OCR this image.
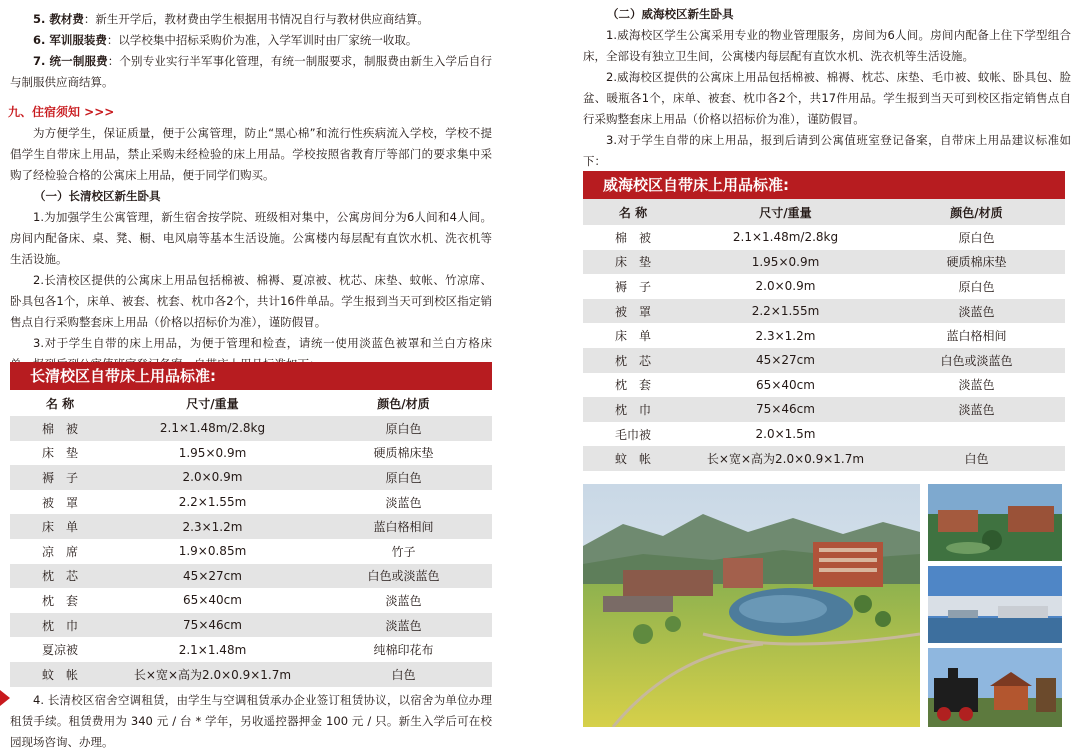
5. 教材费：新生开学后，教材费由学生根据用书情况自行与教材供应商结算。

6. 军训服装费：以学校集中招标采购价为准，入学军训时由厂家统一收取。

7. 统一制服费：个别专业实行半军事化管理，有统一制服要求，制服费由新生入学后自行与制服供应商结算。

九、住宿须知 >>>

为方便学生，保证质量，便于公寓管理，防止“黑心棉”和流行性疾病流入学校，学校不提倡学生自带床上用品，禁止采购未经检验的床上用品。学校按照省教育厅等部门的要求集中采购了经检验合格的公寓床上用品，便于同学们购买。

（一）长清校区新生卧具

1.为加强学生公寓管理，新生宿舍按学院、班级相对集中，公寓房间分为6人间和4人间。房间内配备床、桌、凳、橱、电风扇等基本生活设施。公寓楼内每层配有直饮水机、洗衣机等生活设施。

2.长清校区提供的公寓床上用品包括棉被、棉褥、夏凉被、枕芯、床垫、蚊帐、竹凉席、卧具包各1个，床单、被套、枕套、枕巾各2个，共计16件单品。学生报到当天可到校区指定销售点自行采购整套床上用品（价格以招标价为准），谨防假冒。

3.对于学生自带的床上用品，为便于管理和检查，请统一使用淡蓝色被罩和兰白方格床

长清校区自带床上用品标准:
名 称	尺寸/重量	颜色/材质
棉　被	2.1×1.48m/2.8kg	原白色
床　垫	1.95×0.9m	硬质棉床垫
褥　子	2.0×0.9m	原白色
被　罩	2.2×1.55m	淡蓝色
床　单	2.3×1.2m	蓝白格相间
凉　席	1.9×0.85m	竹子
枕　芯	45×27cm	白色或淡蓝色
枕　套	65×40cm	淡蓝色
枕　巾	75×46cm	淡蓝色
夏凉被	2.1×1.48m	纯棉印花布
蚊　帐	长×宽×高为2.0×0.9×1.7m	白色

4. 长清校区宿舍空调租赁，由学生与空调租赁承办企业签订租赁协议，以宿舍为单位办理租赁手续。租赁费用为 340 元 / 台 * 学年，另收遥控器押金 100 元 / 只。新生入学后可在校园现场咨询、办理。

（二）威海校区新生卧具

1.威海校区学生公寓采用专业的物业管理服务，房间为6人间。房间内配备上住下学型组合床，全部设有独立卫生间，公寓楼内每层配有直饮水机、洗衣机等生活设施。

2.威海校区提供的公寓床上用品包括棉被、棉褥、枕芯、床垫、毛巾被、蚊帐、卧具包、脸盆、暖瓶各1个，床单、被套、枕巾各2个，共17件用品。学生报到当天可到校区指定销售点自行采购整套床上用品（价格以招标价为准），谨防假冒。

3.对于学生自带的床上用品，报到后请到公寓值班室登记备案，自带床上用品建议标准如下：

威海校区自带床上用品标准:
名 称	尺寸/重量	颜色/材质
棉　被	2.1×1.48m/2.8kg	原白色
床　垫	1.95×0.9m	硬质棉床垫
褥　子	2.0×0.9m	原白色
被　罩	2.2×1.55m	淡蓝色
床　单	2.3×1.2m	蓝白格相间
枕　芯	45×27cm	白色或淡蓝色
枕　套	65×40cm	淡蓝色
枕　巾	75×46cm	淡蓝色
毛巾被	2.0×1.5m	
蚊　帐	长×宽×高为2.0×0.9×1.7m	白色
